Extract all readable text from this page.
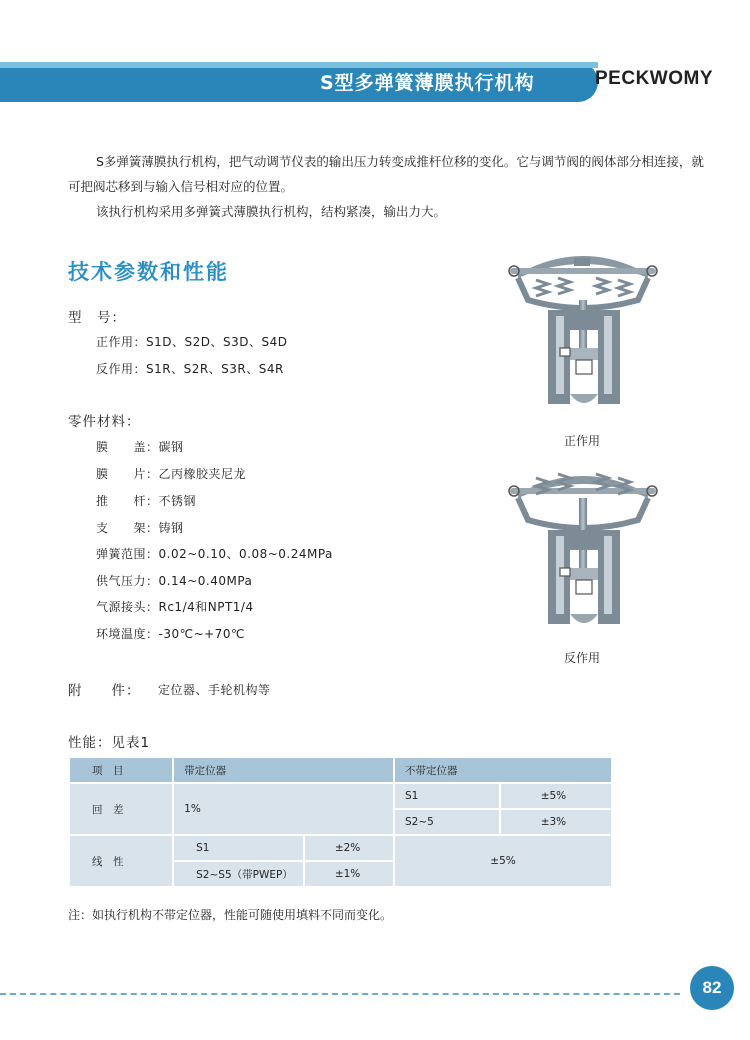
S型多弹簧薄膜执行机构	PECKWOMY

S多弹簧薄膜执行机构，把气动调节仪表的输出压力转变成推杆位移的变化。它与调节阀的阀体部分相连接，就可把阀芯移到与输入信号相对应的位置。

该执行机构采用多弹簧式薄膜执行机构，结构紧凑，输出力大。

技术参数和性能
型　号：
正作用：S1D、S2D、S3D、S4D
反作用：S1R、S2R、S3R、S4R
零件材料：
膜　　盖：碳钢
膜　　片：乙丙橡胶夹尼龙
推　　杆：不锈钢
支　　架：铸钢
弹簧范围：0.02~0.10、0.08~0.24MPa
供气压力：0.14~0.40MPa
气源接头：Rc1/4和NPT1/4
环境温度：-30℃~+70℃
附　　件： 定位器、手轮机构等
正作用
反作用
性能：见表1
项　目	带定位器		不带定位器	
回　差	1%		S1	±5%
			S2~5	±3%
线　性	S1	±2%	±5%	
	S2~S5（带PWEP）	±1%		
注：如执行机构不带定位器，性能可随使用填料不同而变化。
82
